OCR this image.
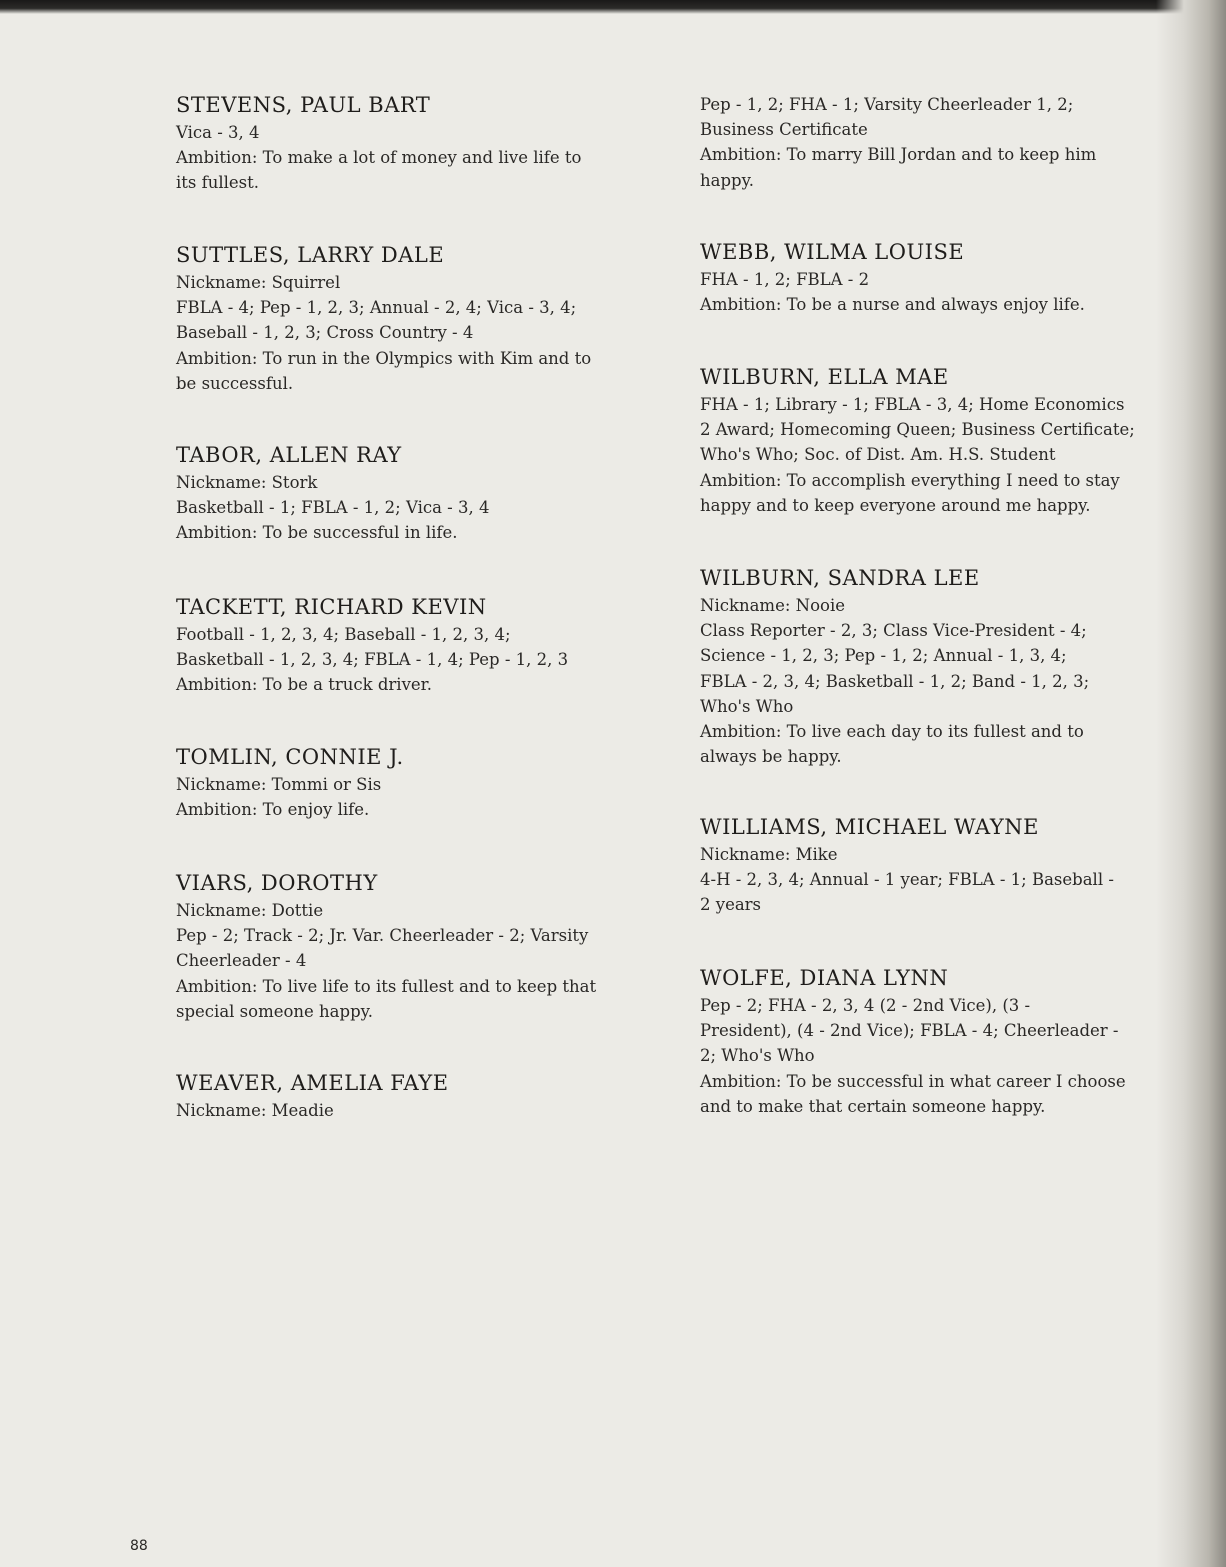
STEVENS, PAUL BART
Vica - 3, 4
Ambition: To make a lot of money and live life to
its fullest.
SUTTLES, LARRY DALE
Nickname: Squirrel
FBLA - 4; Pep - 1, 2, 3; Annual - 2, 4; Vica - 3, 4;
Baseball - 1, 2, 3; Cross Country - 4
Ambition: To run in the Olympics with Kim and to
be successful.
TABOR, ALLEN RAY
Nickname: Stork
Basketball - 1; FBLA - 1, 2; Vica - 3, 4
Ambition: To be successful in life.
TACKETT, RICHARD KEVIN
Football - 1, 2, 3, 4; Baseball - 1, 2, 3, 4;
Basketball - 1, 2, 3, 4; FBLA - 1, 4; Pep - 1, 2, 3
Ambition: To be a truck driver.
TOMLIN, CONNIE J.
Nickname: Tommi or Sis
Ambition: To enjoy life.
VIARS, DOROTHY
Nickname: Dottie
Pep - 2; Track - 2; Jr. Var. Cheerleader - 2; Varsity
Cheerleader - 4
Ambition: To live life to its fullest and to keep that
special someone happy.
WEAVER, AMELIA FAYE
Nickname: Meadie
Pep - 1, 2; FHA - 1; Varsity Cheerleader 1, 2;
Business Certificate
Ambition: To marry Bill Jordan and to keep him
happy.
WEBB, WILMA LOUISE
FHA - 1, 2; FBLA - 2
Ambition: To be a nurse and always enjoy life.
WILBURN, ELLA MAE
FHA - 1; Library - 1; FBLA - 3, 4; Home Economics
2 Award; Homecoming Queen; Business Certificate;
Who's Who; Soc. of Dist. Am. H.S. Student
Ambition: To accomplish everything I need to stay
happy and to keep everyone around me happy.
WILBURN, SANDRA LEE
Nickname: Nooie
Class Reporter - 2, 3; Class Vice-President - 4;
Science - 1, 2, 3; Pep - 1, 2; Annual - 1, 3, 4;
FBLA - 2, 3, 4; Basketball - 1, 2; Band - 1, 2, 3;
Who's Who
Ambition: To live each day to its fullest and to
always be happy.
WILLIAMS, MICHAEL WAYNE
Nickname: Mike
4-H - 2, 3, 4; Annual - 1 year; FBLA - 1; Baseball -
2 years
WOLFE, DIANA LYNN
Pep - 2; FHA - 2, 3, 4 (2 - 2nd Vice), (3 -
President), (4 - 2nd Vice); FBLA - 4; Cheerleader -
2; Who's Who
Ambition: To be successful in what career I choose
and to make that certain someone happy.
88
